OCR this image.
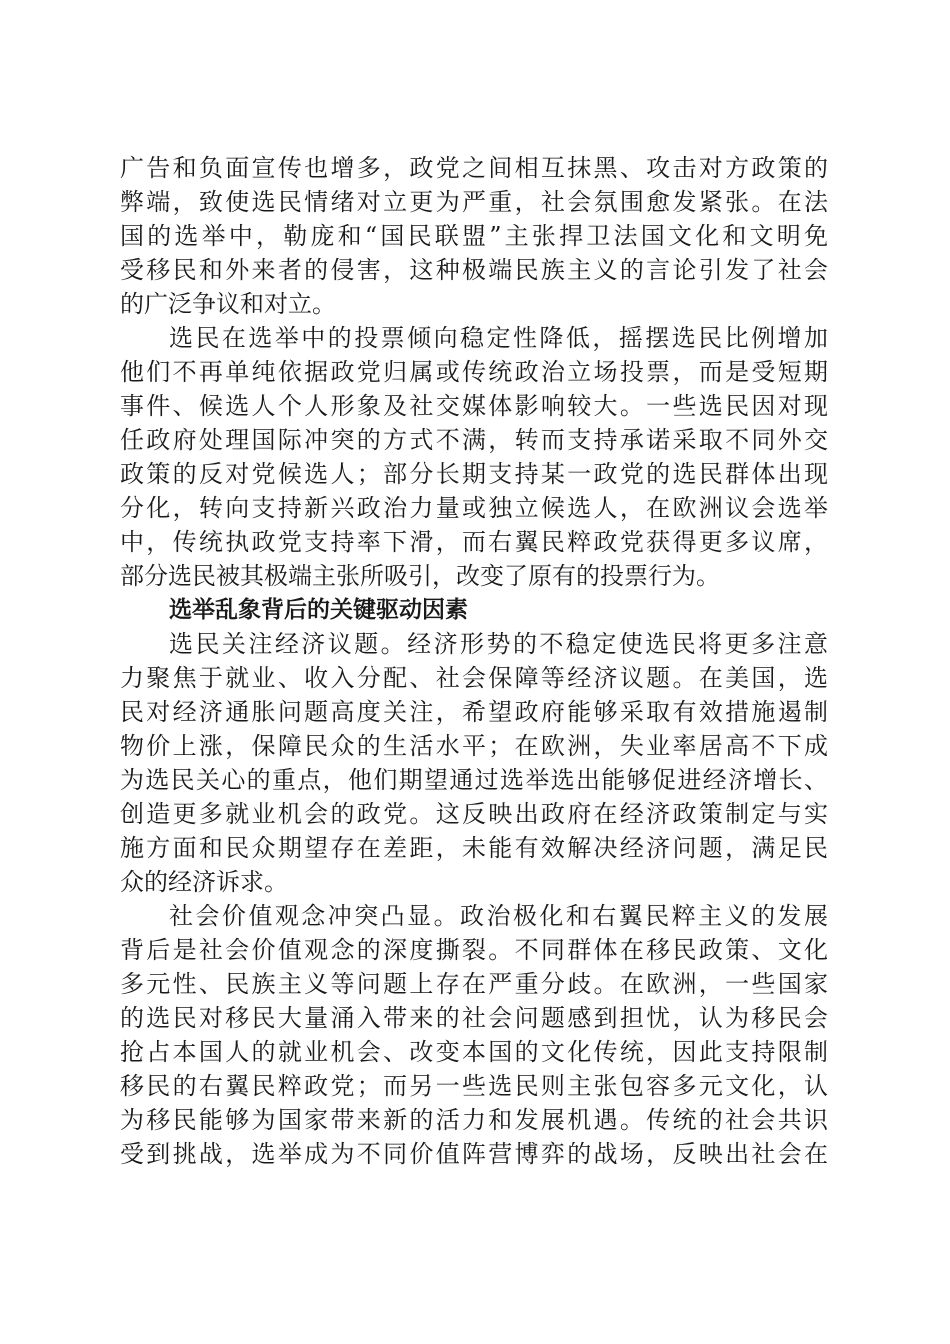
广告和负面宣传也增多，政党之间相互抹黑、攻击对方政策的
弊端，致使选民情绪对立更为严重，社会氛围愈发紧张。在法
国的选举中，勒庞和“国民联盟”主张捍卫法国文化和文明免
受移民和外来者的侵害，这种极端民族主义的言论引发了社会
的广泛争议和对立。
选民在选举中的投票倾向稳定性降低，摇摆选民比例增加
他们不再单纯依据政党归属或传统政治立场投票，而是受短期
事件、候选人个人形象及社交媒体影响较大。一些选民因对现
任政府处理国际冲突的方式不满，转而支持承诺采取不同外交
政策的反对党候选人；部分长期支持某一政党的选民群体出现
分化，转向支持新兴政治力量或独立候选人，在欧洲议会选举
中，传统执政党支持率下滑，而右翼民粹政党获得更多议席，
部分选民被其极端主张所吸引，改变了原有的投票行为。
选举乱象背后的关键驱动因素
选民关注经济议题。经济形势的不稳定使选民将更多注意
力聚焦于就业、收入分配、社会保障等经济议题。在美国，选
民对经济通胀问题高度关注，希望政府能够采取有效措施遏制
物价上涨，保障民众的生活水平；在欧洲，失业率居高不下成
为选民关心的重点，他们期望通过选举选出能够促进经济增长、
创造更多就业机会的政党。这反映出政府在经济政策制定与实
施方面和民众期望存在差距，未能有效解决经济问题，满足民
众的经济诉求。
社会价值观念冲突凸显。政治极化和右翼民粹主义的发展
背后是社会价值观念的深度撕裂。不同群体在移民政策、文化
多元性、民族主义等问题上存在严重分歧。在欧洲，一些国家
的选民对移民大量涌入带来的社会问题感到担忧，认为移民会
抢占本国人的就业机会、改变本国的文化传统，因此支持限制
移民的右翼民粹政党；而另一些选民则主张包容多元文化，认
为移民能够为国家带来新的活力和发展机遇。传统的社会共识
受到挑战，选举成为不同价值阵营博弈的战场，反映出社会在
